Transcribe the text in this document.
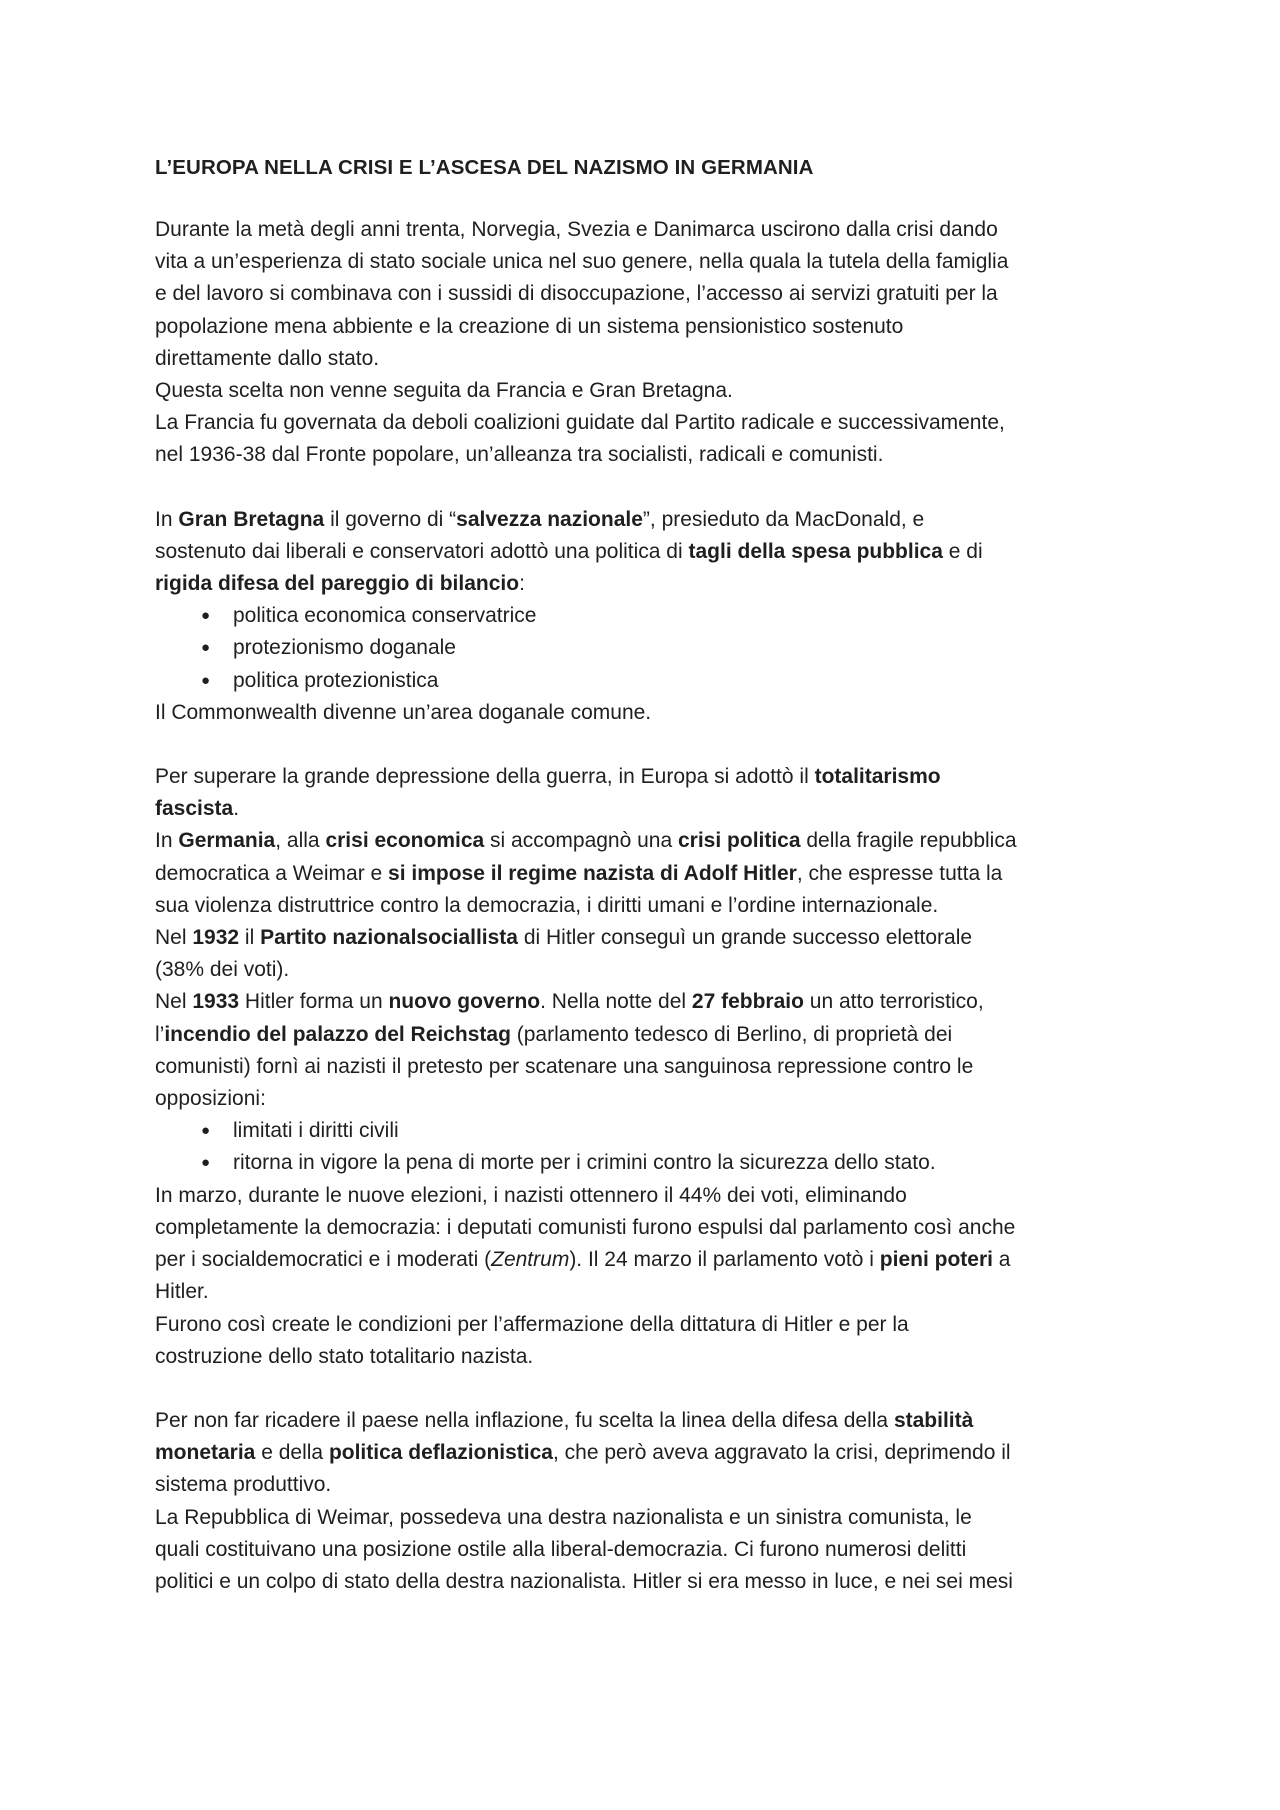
L’EUROPA NELLA CRISI E L’ASCESA DEL NAZISMO IN GERMANIA
Durante la metà degli anni trenta, Norvegia, Svezia e Danimarca uscirono dalla crisi dando
vita a un’esperienza di stato sociale unica nel suo genere, nella quala la tutela della famiglia
e del lavoro si combinava con i sussidi di disoccupazione, l’accesso ai servizi gratuiti per la
popolazione mena abbiente e la creazione di un sistema pensionistico sostenuto
direttamente dallo stato.
Questa scelta non venne seguita da Francia e Gran Bretagna.
La Francia fu governata da deboli coalizioni guidate dal Partito radicale e successivamente,
nel 1936-38 dal Fronte popolare, un’alleanza tra socialisti, radicali e comunisti.
In Gran Bretagna il governo di “salvezza nazionale”, presieduto da MacDonald, e
sostenuto dai liberali e conservatori adottò una politica di tagli della spesa pubblica e di
rigida difesa del pareggio di bilancio:
● politica economica conservatrice
● protezionismo doganale
● politica protezionistica
Il Commonwealth divenne un’area doganale comune.
Per superare la grande depressione della guerra, in Europa si adottò il totalitarismo
fascista.
In Germania, alla crisi economica si accompagnò una crisi politica della fragile repubblica
democratica a Weimar e si impose il regime nazista di Adolf Hitler, che espresse tutta la
sua violenza distruttrice contro la democrazia, i diritti umani e l’ordine internazionale.
Nel 1932 il Partito nazionalsociallista di Hitler conseguì un grande successo elettorale
(38% dei voti).
Nel 1933 Hitler forma un nuovo governo. Nella notte del 27 febbraio un atto terroristico,
l’incendio del palazzo del Reichstag (parlamento tedesco di Berlino, di proprietà dei
comunisti) fornì ai nazisti il pretesto per scatenare una sanguinosa repressione contro le
opposizioni:
● limitati i diritti civili
● ritorna in vigore la pena di morte per i crimini contro la sicurezza dello stato.
In marzo, durante le nuove elezioni, i nazisti ottennero il 44% dei voti, eliminando
completamente la democrazia: i deputati comunisti furono espulsi dal parlamento così anche
per i socialdemocratici e i moderati (Zentrum). Il 24 marzo il parlamento votò i pieni poteri a
Hitler.
Furono così create le condizioni per l’affermazione della dittatura di Hitler e per la
costruzione dello stato totalitario nazista.
Per non far ricadere il paese nella inflazione, fu scelta la linea della difesa della stabilità
monetaria e della politica deflazionistica, che però aveva aggravato la crisi, deprimendo il
sistema produttivo.
La Repubblica di Weimar, possedeva una destra nazionalista e un sinistra comunista, le
quali costituivano una posizione ostile alla liberal-democrazia. Ci furono numerosi delitti
politici e un colpo di stato della destra nazionalista. Hitler si era messo in luce, e nei sei mesi
